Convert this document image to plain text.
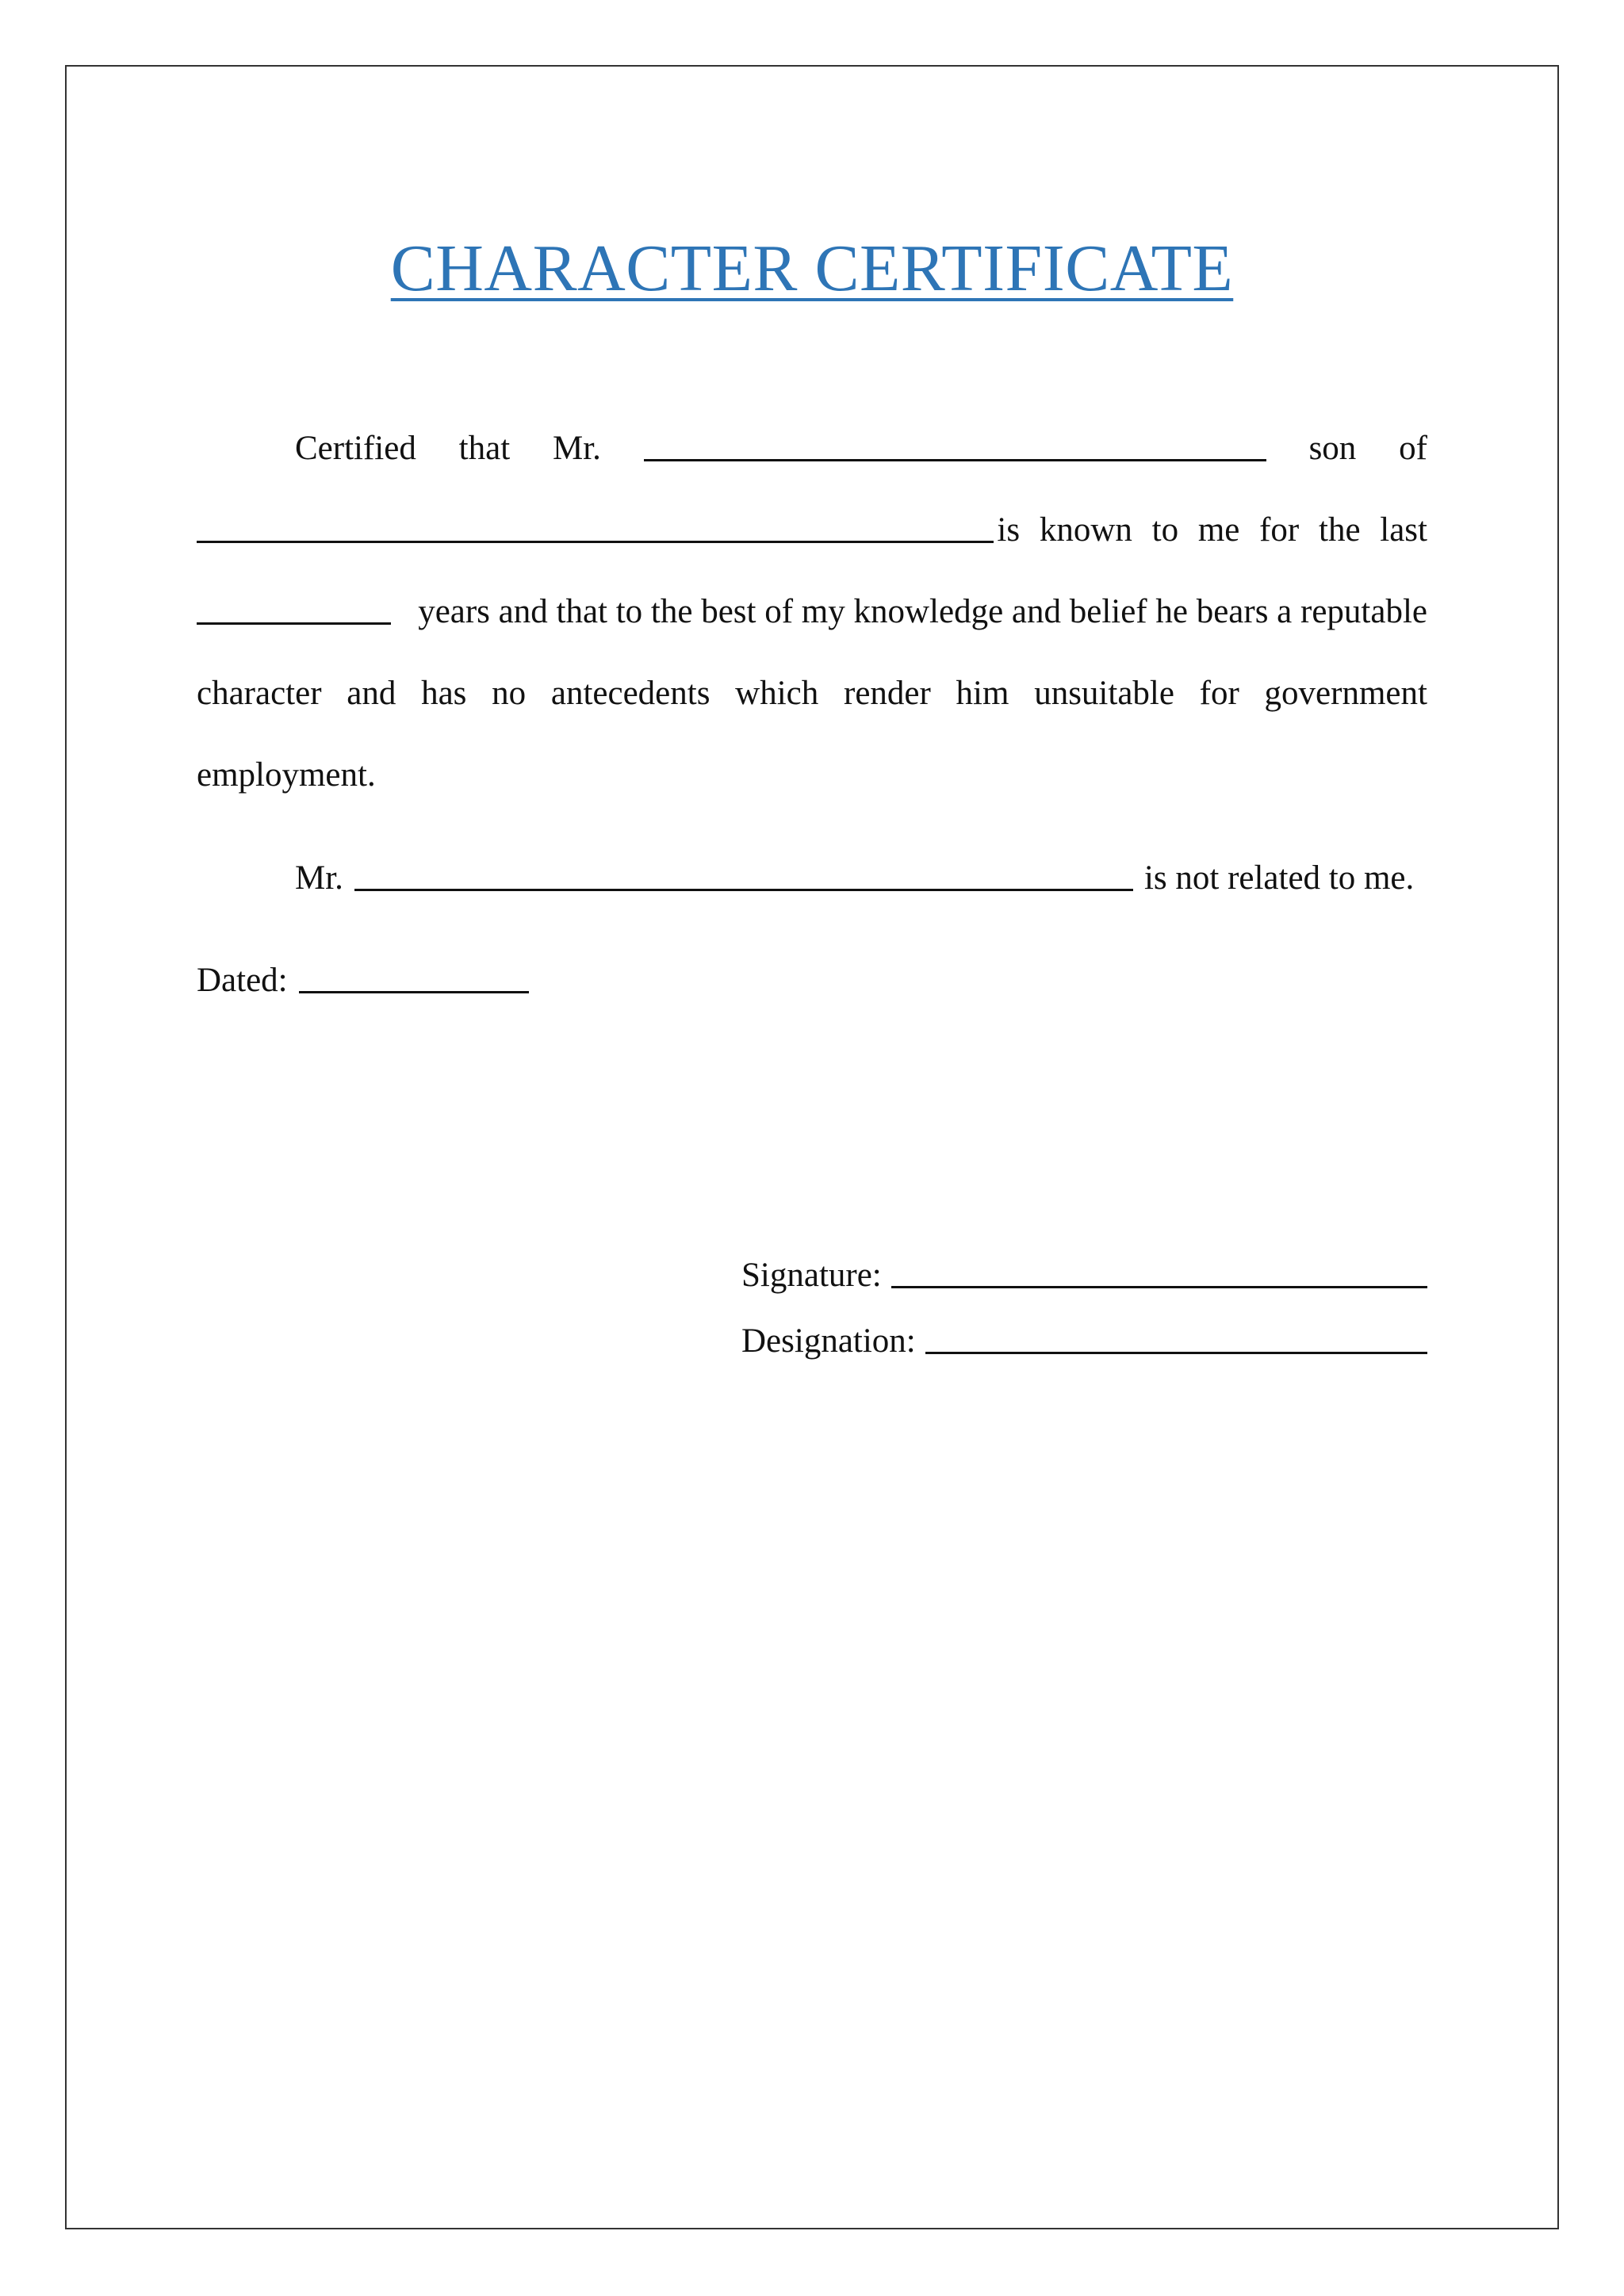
CHARACTER CERTIFICATE
Certified that Mr.	son of
is known to me for the last
years and that to the best of my knowledge and belief he bears a reputable
character and has no antecedents which render him unsuitable for government
employment.
Mr.	is not related to me.
Dated:
Signature:
Designation:
